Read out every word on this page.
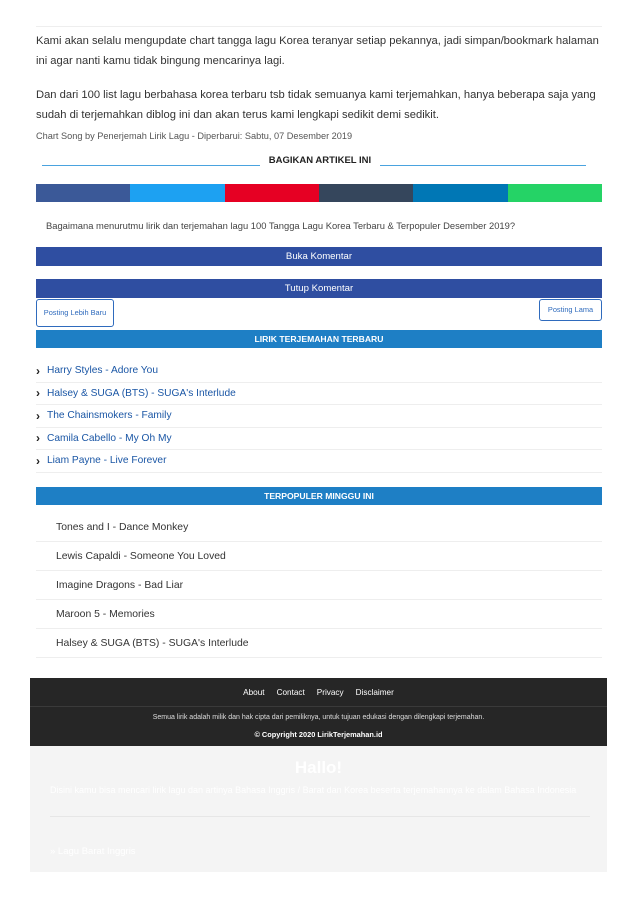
Kami akan selalu mengupdate chart tangga lagu Korea teranyar setiap pekannya, jadi simpan/bookmark halaman ini agar nanti kamu tidak bingung mencarinya lagi.

Dan dari 100 list lagu berbahasa korea terbaru tsb tidak semuanya kami terjemahkan, hanya beberapa saja yang sudah di terjemahkan diblog ini dan akan terus kami lengkapi sedikit demi sedikit.

Chart Song by Penerjemah Lirik Lagu - Diperbarui: Sabtu, 07 Desember 2019
BAGIKAN ARTIKEL INI
Bagaimana menurutmu lirik dan terjemahan lagu 100 Tangga Lagu Korea Terbaru & Terpopuler Desember 2019?
Buka Komentar
Tutup Komentar
Posting Lebih Baru	Posting Lama
LIRIK TERJEMAHAN TERBARU
› Harry Styles - Adore You
› Halsey & SUGA (BTS) - SUGA's Interlude
› The Chainsmokers - Family
› Camila Cabello - My Oh My
› Liam Payne - Live Forever
TERPOPULER MINGGU INI
Tones and I - Dance Monkey
Lewis Capaldi - Someone You Loved
Imagine Dragons - Bad Liar
Maroon 5 - Memories
Halsey & SUGA (BTS) - SUGA's Interlude
About Contact Privacy Disclaimer
Semua lirik adalah milik dan hak cipta dari pemiliknya, untuk tujuan edukasi dengan dilengkapi terjemahan.
© Copyright 2020 LirikTerjemahan.id
Hallo!
Disini kamu bisa mencari lirik lagu dan artinya Bahasa Inggris / Barat dan Korea beserta terjemahannya ke dalam Bahasa Indonesia
» Lagu Barat Inggris
